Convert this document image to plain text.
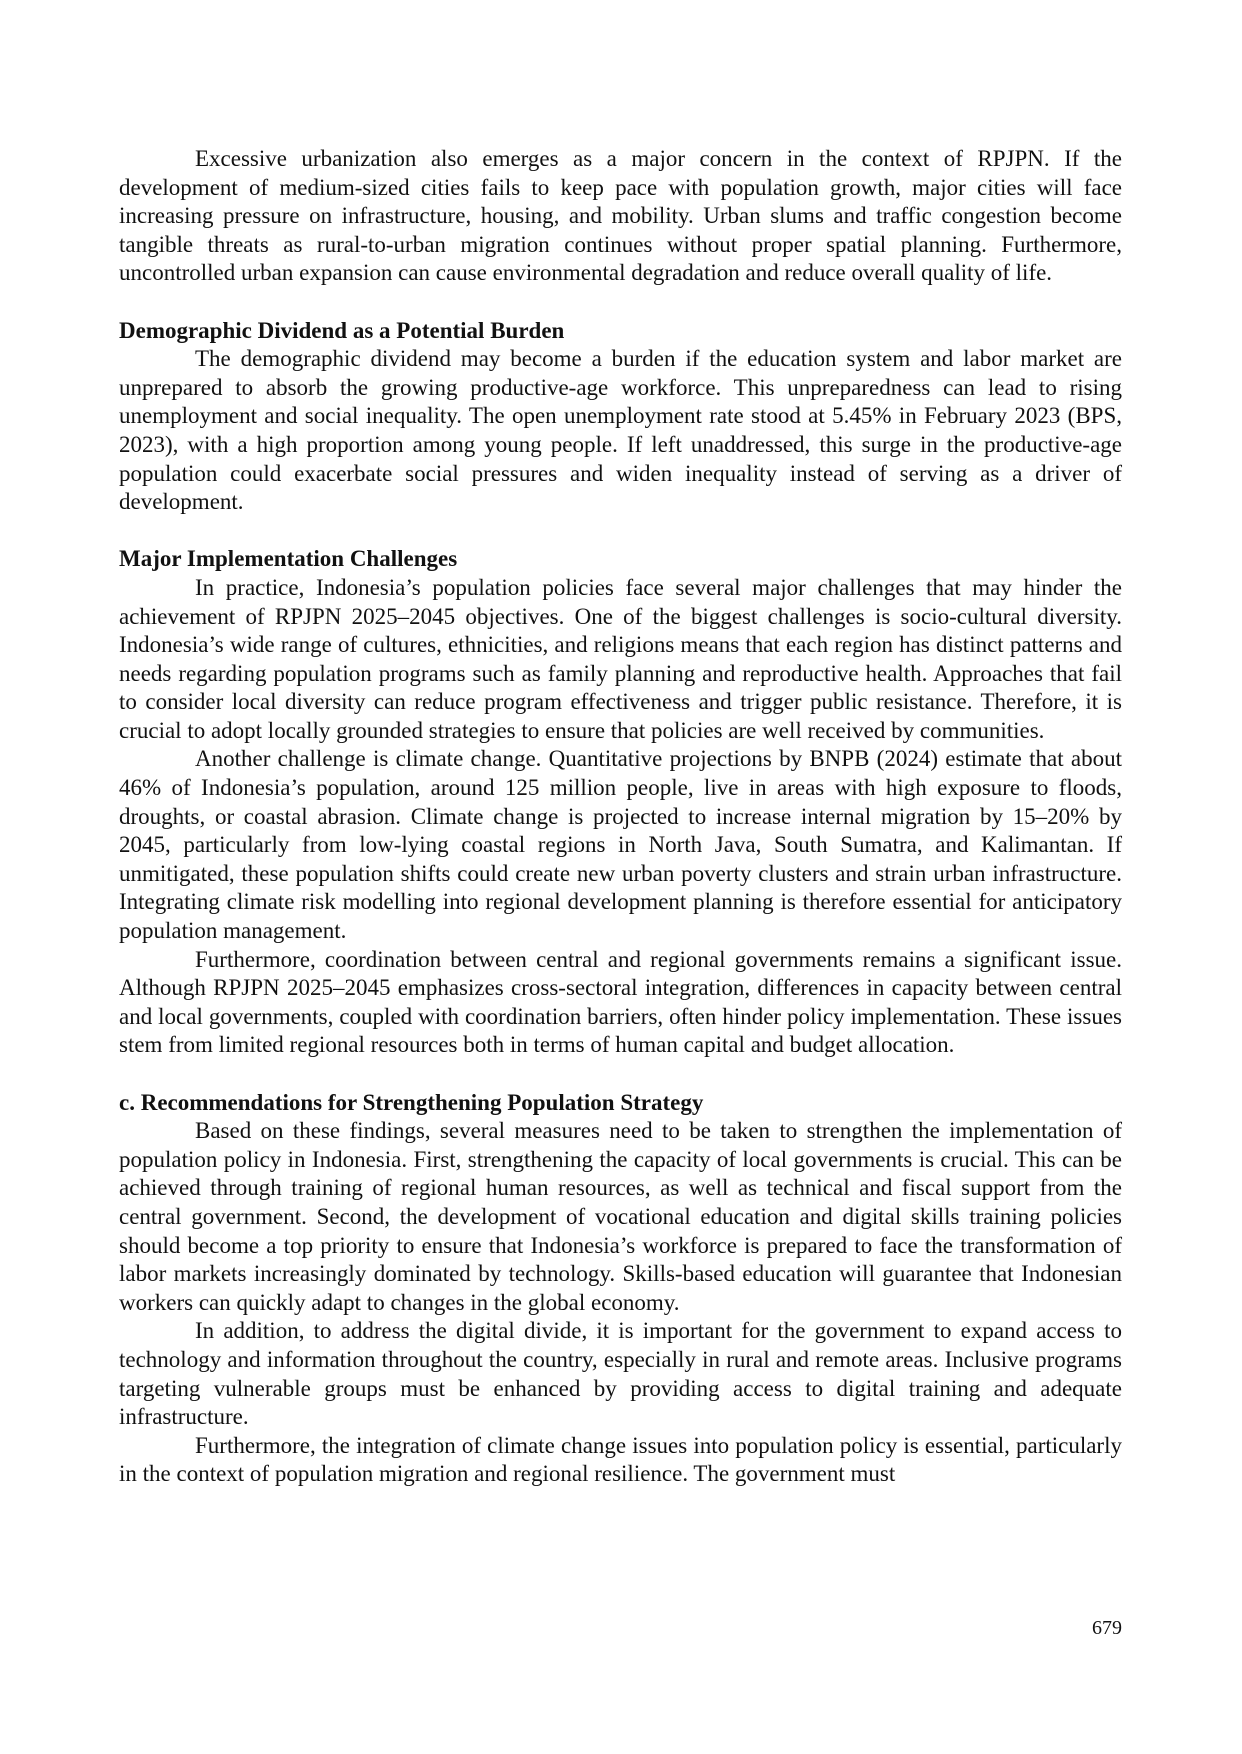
Excessive urbanization also emerges as a major concern in the context of RPJPN. If the development of medium-sized cities fails to keep pace with population growth, major cities will face increasing pressure on infrastructure, housing, and mobility. Urban slums and traffic congestion become tangible threats as rural-to-urban migration continues without proper spatial planning. Furthermore, uncontrolled urban expansion can cause environmental degradation and reduce overall quality of life.

Demographic Dividend as a Potential Burden

The demographic dividend may become a burden if the education system and labor market are unprepared to absorb the growing productive-age workforce. This unpreparedness can lead to rising unemployment and social inequality. The open unemployment rate stood at 5.45% in February 2023 (BPS, 2023), with a high proportion among young people. If left unaddressed, this surge in the productive-age population could exacerbate social pressures and widen inequality instead of serving as a driver of development.

Major Implementation Challenges

In practice, Indonesia’s population policies face several major challenges that may hinder the achievement of RPJPN 2025–2045 objectives. One of the biggest challenges is socio-cultural diversity. Indonesia’s wide range of cultures, ethnicities, and religions means that each region has distinct patterns and needs regarding population programs such as family planning and reproductive health. Approaches that fail to consider local diversity can reduce program effectiveness and trigger public resistance. Therefore, it is crucial to adopt locally grounded strategies to ensure that policies are well received by communities.

Another challenge is climate change. Quantitative projections by BNPB (2024) estimate that about 46% of Indonesia’s population, around 125 million people, live in areas with high exposure to floods, droughts, or coastal abrasion. Climate change is projected to increase internal migration by 15–20% by 2045, particularly from low-lying coastal regions in North Java, South Sumatra, and Kalimantan. If unmitigated, these population shifts could create new urban poverty clusters and strain urban infrastructure. Integrating climate risk modelling into regional development planning is therefore essential for anticipatory population management.

Furthermore, coordination between central and regional governments remains a significant issue. Although RPJPN 2025–2045 emphasizes cross-sectoral integration, differences in capacity between central and local governments, coupled with coordination barriers, often hinder policy implementation. These issues stem from limited regional resources both in terms of human capital and budget allocation.

c. Recommendations for Strengthening Population Strategy

Based on these findings, several measures need to be taken to strengthen the implementation of population policy in Indonesia. First, strengthening the capacity of local governments is crucial. This can be achieved through training of regional human resources, as well as technical and fiscal support from the central government. Second, the development of vocational education and digital skills training policies should become a top priority to ensure that Indonesia’s workforce is prepared to face the transformation of labor markets increasingly dominated by technology. Skills-based education will guarantee that Indonesian workers can quickly adapt to changes in the global economy.

In addition, to address the digital divide, it is important for the government to expand access to technology and information throughout the country, especially in rural and remote areas. Inclusive programs targeting vulnerable groups must be enhanced by providing access to digital training and adequate infrastructure.

Furthermore, the integration of climate change issues into population policy is essential, particularly in the context of population migration and regional resilience. The government must

679
